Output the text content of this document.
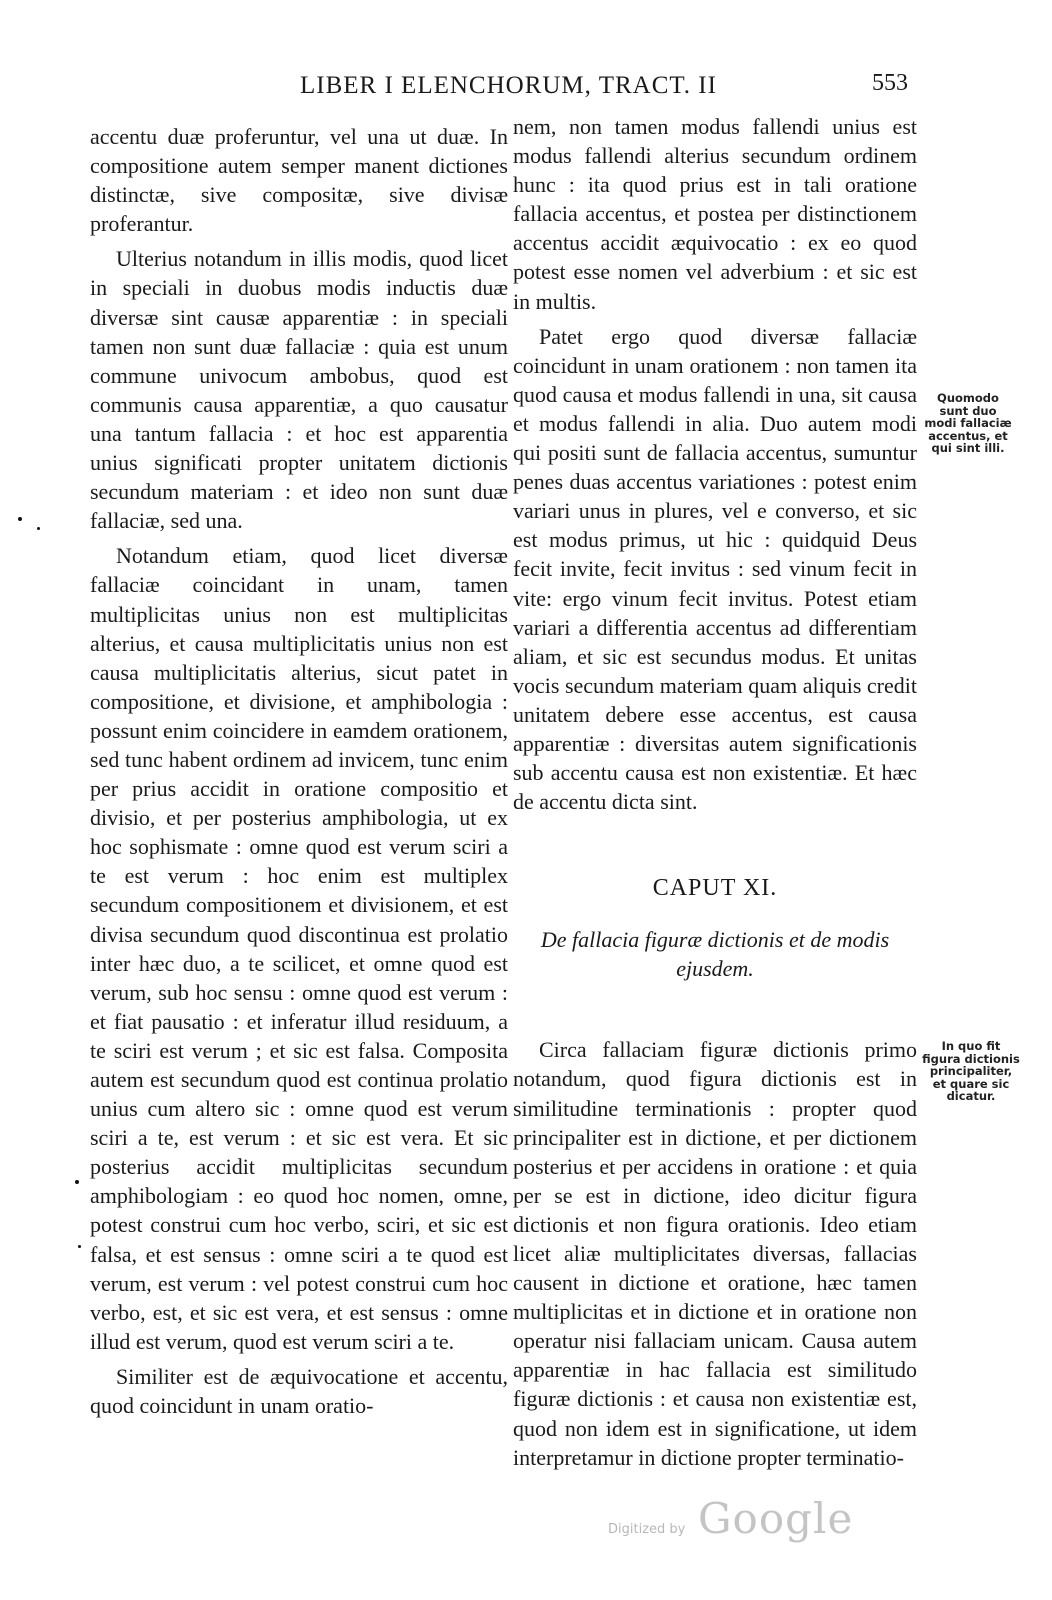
LIBER I ELENCHORUM, TRACT. II	553

accentu duæ proferuntur, vel una ut duæ. In compositione autem semper manent dictiones distinctæ, sive compositæ, sive divisæ proferantur.

Ulterius notandum in illis modis, quod licet in speciali in duobus modis inductis duæ diversæ sint causæ apparentiæ : in speciali tamen non sunt duæ fallaciæ : quia est unum commune univocum ambobus, quod est communis causa apparentiæ, a quo causatur una tantum fallacia : et hoc est apparentia unius significati propter unitatem dictionis secundum materiam : et ideo non sunt duæ fallaciæ, sed una.

Notandum etiam, quod licet diversæ fallaciæ coincidant in unam, tamen multiplicitas unius non est multiplicitas alterius, et causa multiplicitatis unius non est causa multiplicitatis alterius, sicut patet in compositione, et divisione, et amphibologia : possunt enim coincidere in eamdem orationem, sed tunc habent ordinem ad invicem, tunc enim per prius accidit in oratione compositio et divisio, et per posterius amphibologia, ut ex hoc sophismate : omne quod est verum sciri a te est verum : hoc enim est multiplex secundum compositionem et divisionem, et est divisa secundum quod discontinua est prolatio inter hæc duo, a te scilicet, et omne quod est verum, sub hoc sensu : omne quod est verum : et fiat pausatio : et inferatur illud residuum, a te sciri est verum ; et sic est falsa. Composita autem est secundum quod est continua prolatio unius cum altero sic : omne quod est verum sciri a te, est verum : et sic est vera. Et sic posterius accidit multiplicitas secundum amphibologiam : eo quod hoc nomen, omne, potest construi cum hoc verbo, sciri, et sic est falsa, et est sensus : omne sciri a te quod est verum, est verum : vel potest construi cum hoc verbo, est, et sic est vera, et est sensus : omne illud est verum, quod est verum sciri a te.

Similiter est de æquivocatione et accentu, quod coincidunt in unam oratio-

nem, non tamen modus fallendi unius est modus fallendi alterius secundum ordinem hunc : ita quod prius est in tali oratione fallacia accentus, et postea per distinctionem accentus accidit æquivocatio : ex eo quod potest esse nomen vel adverbium : et sic est in multis.

Patet ergo quod diversæ fallaciæ coincidunt in unam orationem : non tamen ita quod causa et modus fallendi in una, sit causa et modus fallendi in alia. Duo autem modi qui positi sunt de fallacia accentus, sumuntur penes duas accentus variationes : potest enim variari unus in plures, vel e converso, et sic est modus primus, ut hic : quidquid Deus fecit invite, fecit invitus : sed vinum fecit in vite: ergo vinum fecit invitus. Potest etiam variari a differentia accentus ad differentiam aliam, et sic est secundus modus. Et unitas vocis secundum materiam quam aliquis credit unitatem debere esse accentus, est causa apparentiæ : diversitas autem significationis sub accentu causa est non existentiæ. Et hæc de accentu dicta sint.

CAPUT XI.
De fallacia figuræ dictionis et de modis ejusdem.

Circa fallaciam figuræ dictionis primo notandum, quod figura dictionis est in similitudine terminationis : propter quod principaliter est in dictione, et per dictionem posterius et per accidens in oratione : et quia per se est in dictione, ideo dicitur figura dictionis et non figura orationis. Ideo etiam licet aliæ multiplicitates diversas, fallacias causent in dictione et oratione, hæc tamen multiplicitas et in dictione et in oratione non operatur nisi fallaciam unicam. Causa autem apparentiæ in hac fallacia est similitudo figuræ dictionis : et causa non existentiæ est, quod non idem est in significatione, ut idem interpretamur in dictione propter terminatio-

Quomodo sunt duo modi fallaciæ accentus, et qui sint illi.
In quo fit figura dictionis principaliter, et quare sic dicatur.
Digitized by Google
